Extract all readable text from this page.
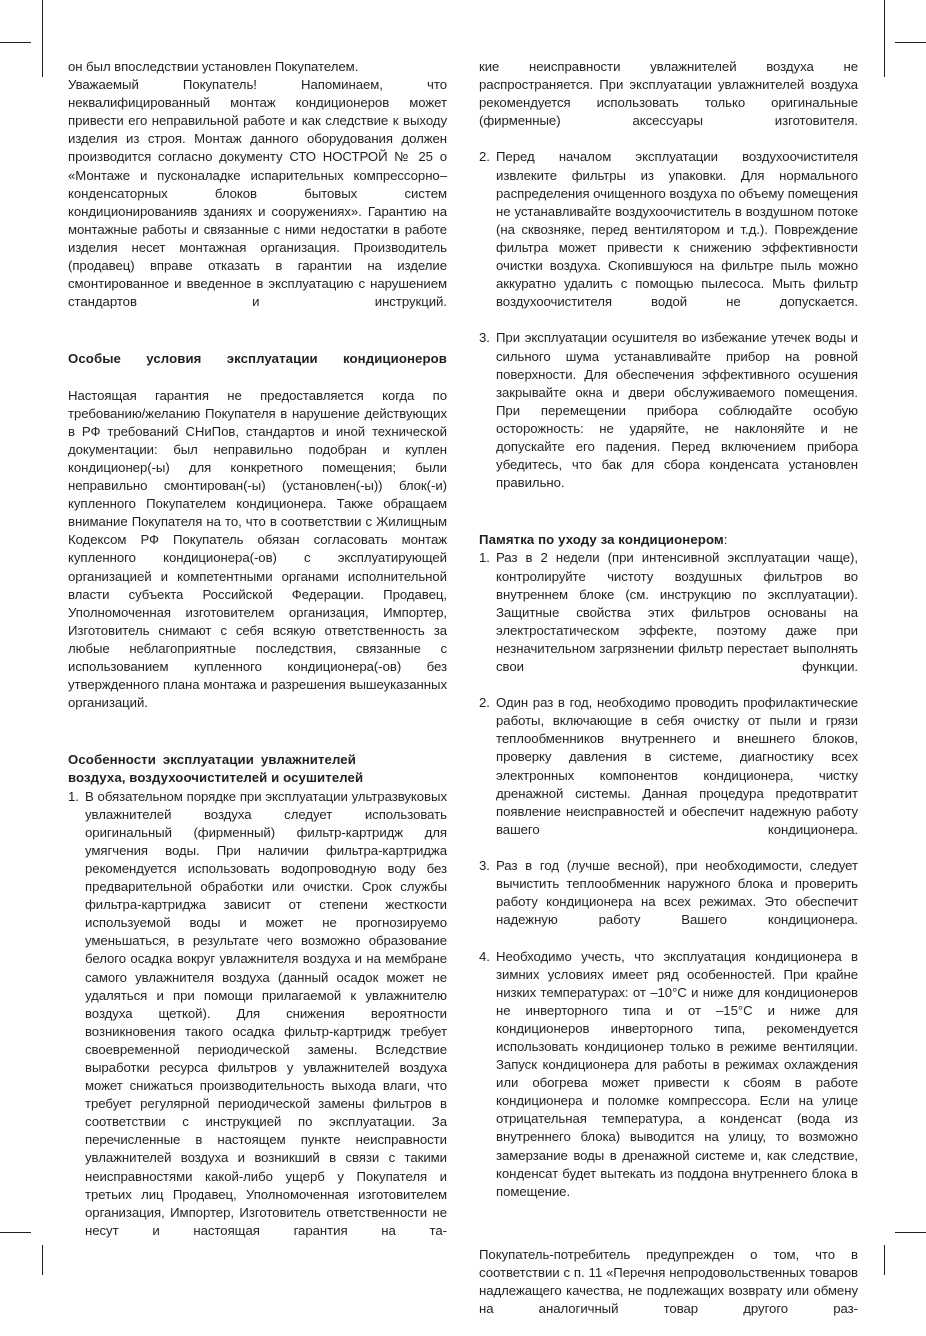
он был впоследствии установлен Покупателем.
Уважаемый Покупатель! Напоминаем, что неквалифицированный монтаж кондиционеров может привести его неправильной работе и как следствие к выходу изделия из строя. Монтаж данного оборудования должен производится согласно документу СТО НОСТРОЙ № 25 о «Монтаже и пусконаладке испарительных компрессорно–конденсаторных блоков бытовых систем кондиционированияв зданиях и сооружениях». Гарантию на монтажные работы и связанные с ними недостатки в работе изделия несет монтажная организация. Производитель (продавец) вправе отказать в гарантии на изделие смонтированное и введенное в эксплуатацию с нарушением стандартов и инструкций.
Особые условия эксплуатации кондиционеров
Настоящая гарантия не предоставляется когда по требованию/желанию Покупателя в нарушение действующих в РФ требований СНиПов, стандартов и иной технической документации: был неправильно подобран и куплен кондиционер(-ы) для конкретного помещения; были неправильно смонтирован(-ы) (установлен(-ы)) блок(-и) купленного Покупателем кондиционера. Также обращаем внимание Покупателя на то, что в соответствии с Жилищным Кодексом РФ Покупатель обязан согласовать монтаж купленного кондиционера(-ов) с эксплуатирующей организацией и компетентными органами исполнительной власти субъекта Российской Федерации. Продавец, Уполномоченная изготовителем организация, Импортер, Изготовитель снимают с себя всякую ответственность за любые неблагоприятные последствия, связанные с использованием купленного кондиционера(-ов) без утвержденного плана монтажа и разрешения вышеуказанных организаций.
Особенности эксплуатации увлажнителей
воздуха, воздухоочистителей и осушителей
В обязательном порядке при эксплуатации ультразвуковых увлажнителей воздуха следует использовать оригинальный (фирменный) фильтр-картридж для умягчения воды. При наличии фильтра-картриджа рекомендуется использовать водопроводную воду без предварительной обработки или очистки. Срок службы фильтра-картриджа зависит от степени жесткости используемой воды и может не прогнозируемо уменьшаться, в результате чего возможно образование белого осадка вокруг увлажнителя воздуха и на мембране самого увлажнителя воздуха (данный осадок может не удаляться и при помощи прилагаемой к увлажнителю воздуха щеткой). Для снижения вероятности возникновения такого осадка фильтр-картридж требует своевременной периодической замены. Вследствие выработки ресурса фильтров у увлажнителей воздуха может снижаться производительность выхода влаги, что требует регулярной периодической замены фильтров в соответствии с инструкцией по эксплуатации. За перечисленные в настоящем пункте неисправности увлажнителей воздуха и возникший в связи с такими неисправностями какой-либо ущерб у Покупателя и третьих лиц Продавец, Уполномоченная изготовителем организация, Импортер, Изготовитель ответственности не несут и настоящая гарантия на та-
кие неисправности увлажнителей воздуха не распространяется. При эксплуатации увлажнителей воздуха рекомендуется использовать только оригинальные (фирменные) аксессуары изготовителя.
Перед началом эксплуатации воздухоочистителя извлеките фильтры из упаковки. Для нормального распределения очищенного воздуха по объему помещения не устанавливайте воздухоочиститель в воздушном потоке (на сквозняке, перед вентилятором и т.д.). Повреждение фильтра может привести к снижению эффективности очистки воздуха. Скопившуюся на фильтре пыль можно аккуратно удалить с помощью пылесоса. Мыть фильтр воздухоочистителя водой не допускается.
При эксплуатации осушителя во избежание утечек воды и сильного шума устанавливайте прибор на ровной поверхности. Для обеспечения эффективного осушения закрывайте окна и двери обслуживаемого помещения. При перемещении прибора соблюдайте особую осторожность: не ударяйте, не наклоняйте и не допускайте его падения. Перед включением прибора убедитесь, что бак для сбора конденсата установлен правильно.
Памятка по уходу за кондиционером:
Раз в 2 недели (при интенсивной эксплуатации чаще), контролируйте чистоту воздушных фильтров во внутреннем блоке (см. инструкцию по эксплуатации). Защитные свойства этих фильтров основаны на электростатическом эффекте, поэтому даже при незначительном загрязнении фильтр перестает выполнять свои функции.
Один раз в год, необходимо проводить профилактические работы, включающие в себя очистку от пыли и грязи теплообменников внутреннего и внешнего блоков, проверку давления в системе, диагностику всех электронных компонентов кондиционера, чистку дренажной системы. Данная процедура предотвратит появление неисправностей и обеспечит надежную работу вашего кондиционера.
Раз в год (лучше весной), при необходимости, следует вычистить теплообменник наружного блока и проверить работу кондиционера на всех режимах. Это обеспечит надежную работу Вашего кондиционера.
Необходимо учесть, что эксплуатация кондиционера в зимних условиях имеет ряд особенностей. При крайне низких температурах: от –10°C и ниже для кондиционеров не инверторного типа и от –15°C и ниже для кондиционеров инверторного типа, рекомендуется использовать кондиционер только в режиме вентиляции. Запуск кондиционера для работы в режимах охлаждения или обогрева может привести к сбоям в работе кондиционера и поломке компрессора. Если на улице отрицательная температура, а конденсат (вода из внутреннего блока) выводится на улицу, то возможно замерзание воды в дренажной системе и, как следствие, конденсат будет вытекать из поддона внутреннего блока в помещение.
Покупатель-потребитель предупрежден о том, что в соответствии с п. 11 «Перечня непродовольственных товаров надлежащего качества, не подлежащих возврату или обмену на аналогичный товар другого раз-
